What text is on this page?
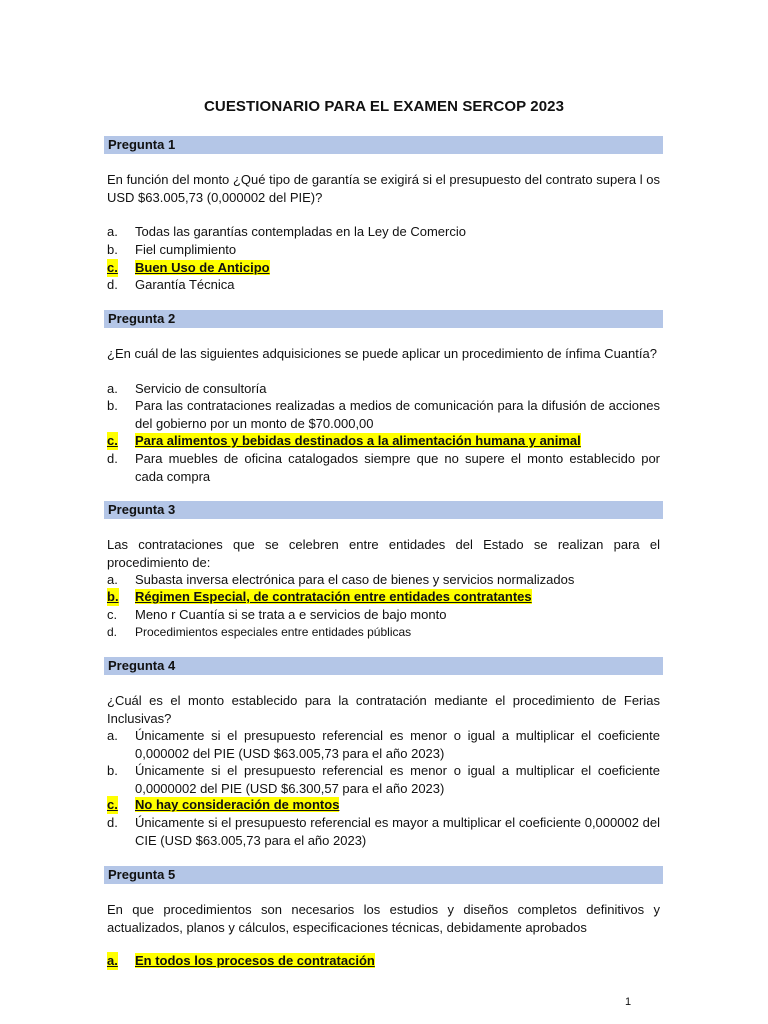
CUESTIONARIO PARA EL EXAMEN SERCOP 2023
Pregunta 1
En función del monto ¿Qué tipo de garantía se exigirá si el presupuesto del contrato supera l os USD $63.005,73 (0,000002 del PIE)?
a. Todas las garantías contempladas en la Ley de Comercio
b. Fiel cumplimiento
c. Buen Uso de Anticipo
d. Garantía Técnica
Pregunta 2
¿En cuál de las siguientes adquisiciones se puede aplicar un procedimiento de ínfima Cuantía?
a. Servicio de consultoría
b. Para las contrataciones realizadas a medios de comunicación para la difusión de acciones del gobierno por un monto de $70.000,00
c. Para alimentos y bebidas destinados a la alimentación humana y animal
d. Para muebles de oficina catalogados siempre que no supere el monto establecido por cada compra
Pregunta 3
Las contrataciones que se celebren entre entidades del Estado se realizan para el procedimiento de:
a. Subasta inversa electrónica para el caso de bienes y servicios normalizados
b. Régimen Especial, de contratación entre entidades contratantes
c. Meno r Cuantía si se trata a e servicios de bajo monto
d. Procedimientos especiales entre entidades públicas
Pregunta 4
¿Cuál es el monto establecido para la contratación mediante el procedimiento de Ferias Inclusivas?
a. Únicamente si el presupuesto referencial es menor o igual a multiplicar el coeficiente 0,000002 del PIE (USD $63.005,73 para el año 2023)
b. Únicamente si el presupuesto referencial es menor o igual a multiplicar el coeficiente 0,0000002 del PIE (USD $6.300,57 para el año 2023)
c. No hay consideración de montos
d. Únicamente si el presupuesto referencial es mayor a multiplicar el coeficiente 0,000002 del CIE (USD $63.005,73 para el año 2023)
Pregunta 5
En que procedimientos son necesarios los estudios y diseños completos definitivos y actualizados, planos y cálculos, especificaciones técnicas, debidamente aprobados
a. En todos los procesos de contratación
1
